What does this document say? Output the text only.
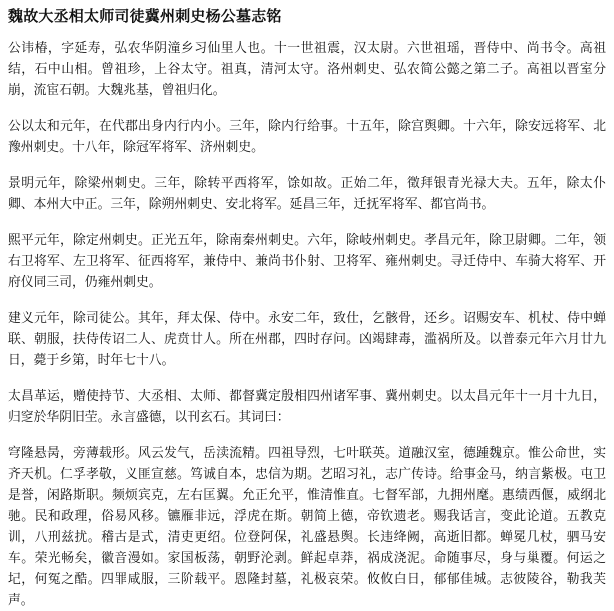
魏故大丞相太师司徒冀州刺史杨公墓志铭

公讳椿，字延寿，弘农华阴潼乡习仙里人也。十一世祖震，汉太尉。六世祖瑶，晋侍中、尚书令。高祖结，石中山相。曾祖珍，上谷太守。祖真，清河太守。洛州刺史、弘农简公懿之第二子。高祖以晋室分崩，流宦石朝。大魏兆基，曾祖归化。

公以太和元年，在代郡出身内行内小。三年，除内行给事。十五年，除宫舆卿。十六年，除安远将军、北豫州刺史。十八年，除冠军将军、济州刺史。

景明元年，除梁州刺史。三年，除转平西将军，馀如故。正始二年，徵拜银青光禄大夫。五年，除太仆卿、本州大中正。三年，除朔州刺史、安北将军。延昌三年，迁抚军将军、都官尚书。

熙平元年，除定州刺史。正光五年，除南秦州刺史。六年，除岐州刺史。孝昌元年，除卫尉卿。二年，领右卫将军、左卫将军、征西将军，兼侍中、兼尚书仆射、卫将军、雍州刺史。寻迁侍中、车骑大将军、开府仪同三司，仍雍州刺史。

建义元年，除司徒公。其年，拜太保、侍中。永安二年，致仕，乞骸骨，还乡。诏赐安车、机杖、侍中蝉联、朝服，扶侍传诏二人、虎贲廿人。所在州郡，四时存问。凶竭肆毒，滥祸所及。以普泰元年六月廿九日，薨于乡第，时年七十八。

太昌革运，赠使持节、大丞相、太师、都督冀定殷相四州诸军事、冀州刺史。以太昌元年十一月十九日，归窆於华阴旧茔。永言盛德，以刊玄石。其词曰：

穹隆悬昺，旁薄载形。风云发气，岳渎流精。四祖导烈，七叶联英。道融汉室，德踵魏京。惟公命世，实齐天机。仁孚孝敬，义匪宣慈。笃诚自本，忠信为期。艺昭习礼，志广传诗。给事金马，纳言紫极。屯卫是誉，闲路斯职。频烦宾克，左右匡翼。允正允平，惟清惟直。七督军部，九拥州麾。惠绩西偃，威纲北驰。民和政理，俗易风移。镳雁非远，浮虎在斯。朝简上德，帝钦遗老。赐我话言，变此论道。五教克训，八刑兹扰。稽古是式，清吏更绍。位登阿保，礼盛悬舆。长违绛阙，高逝旧都。蝉冕几杖，驷马安车。荣光畅矣，徽音漫如。家国板荡，朝野沦剥。鲜起卓莽，祸成浇泥。命随事尽，身与巢覆。何运之圮，何冤之酷。四罪咸服，三阶载平。恩隆封墓，礼极哀荣。攸攸白日，郁郁佳城。志彼陵谷，勒我芙声。
